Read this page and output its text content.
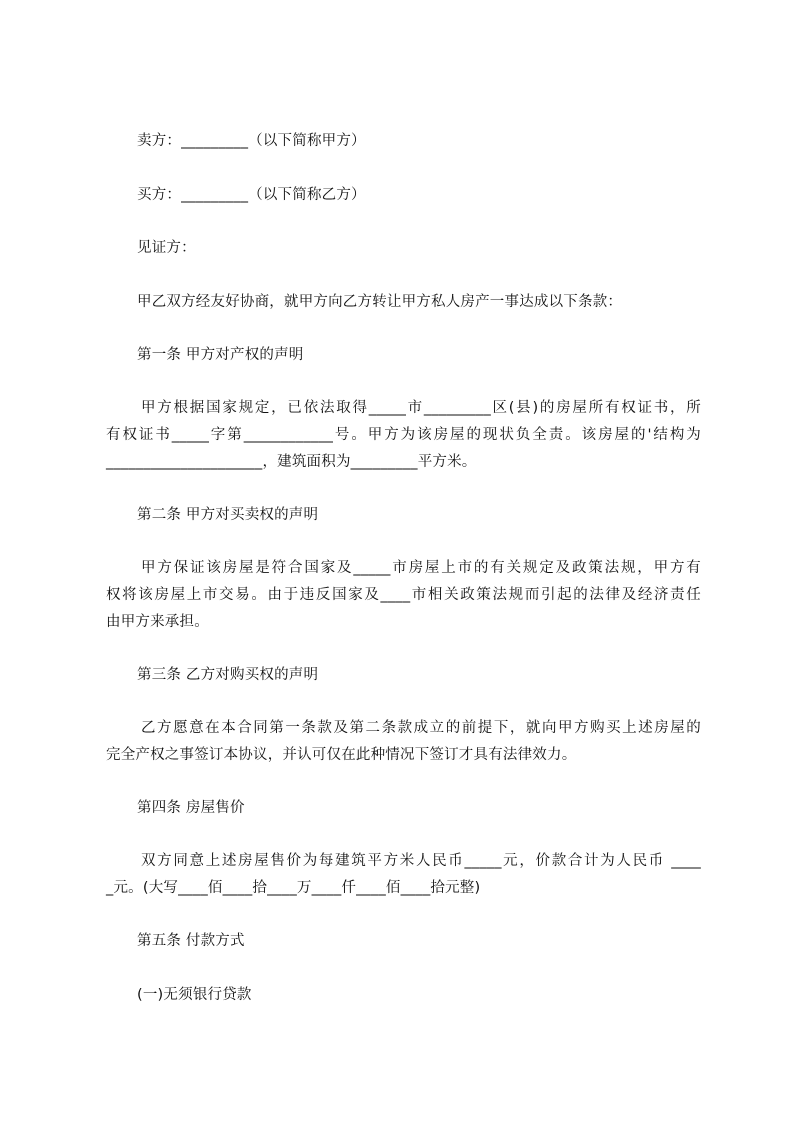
卖方：_________（以下简称甲方）
买方：_________（以下简称乙方）
见证方：
甲乙双方经友好协商，就甲方向乙方转让甲方私人房产一事达成以下条款：
第一条 甲方对产权的声明
甲方根据国家规定，已依法取得_____市_________区(县)的房屋所有权证书，所
有权证书_____字第____________号。甲方为该房屋的现状负全责。该房屋的'结构为
_____________________，建筑面积为_________平方米。
第二条 甲方对买卖权的声明
甲方保证该房屋是符合国家及_____市房屋上市的有关规定及政策法规，甲方有
权将该房屋上市交易。由于违反国家及____市相关政策法规而引起的法律及经济责任
由甲方来承担。
第三条 乙方对购买权的声明
乙方愿意在本合同第一条款及第二条款成立的前提下，就向甲方购买上述房屋的
完全产权之事签订本协议，并认可仅在此种情况下签订才具有法律效力。
第四条 房屋售价
双方同意上述房屋售价为每建筑平方米人民币_____元，价款合计为人民币 ____
_元。(大写____佰____拾____万____仟____佰____拾元整)
第五条 付款方式
(一)无须银行贷款
